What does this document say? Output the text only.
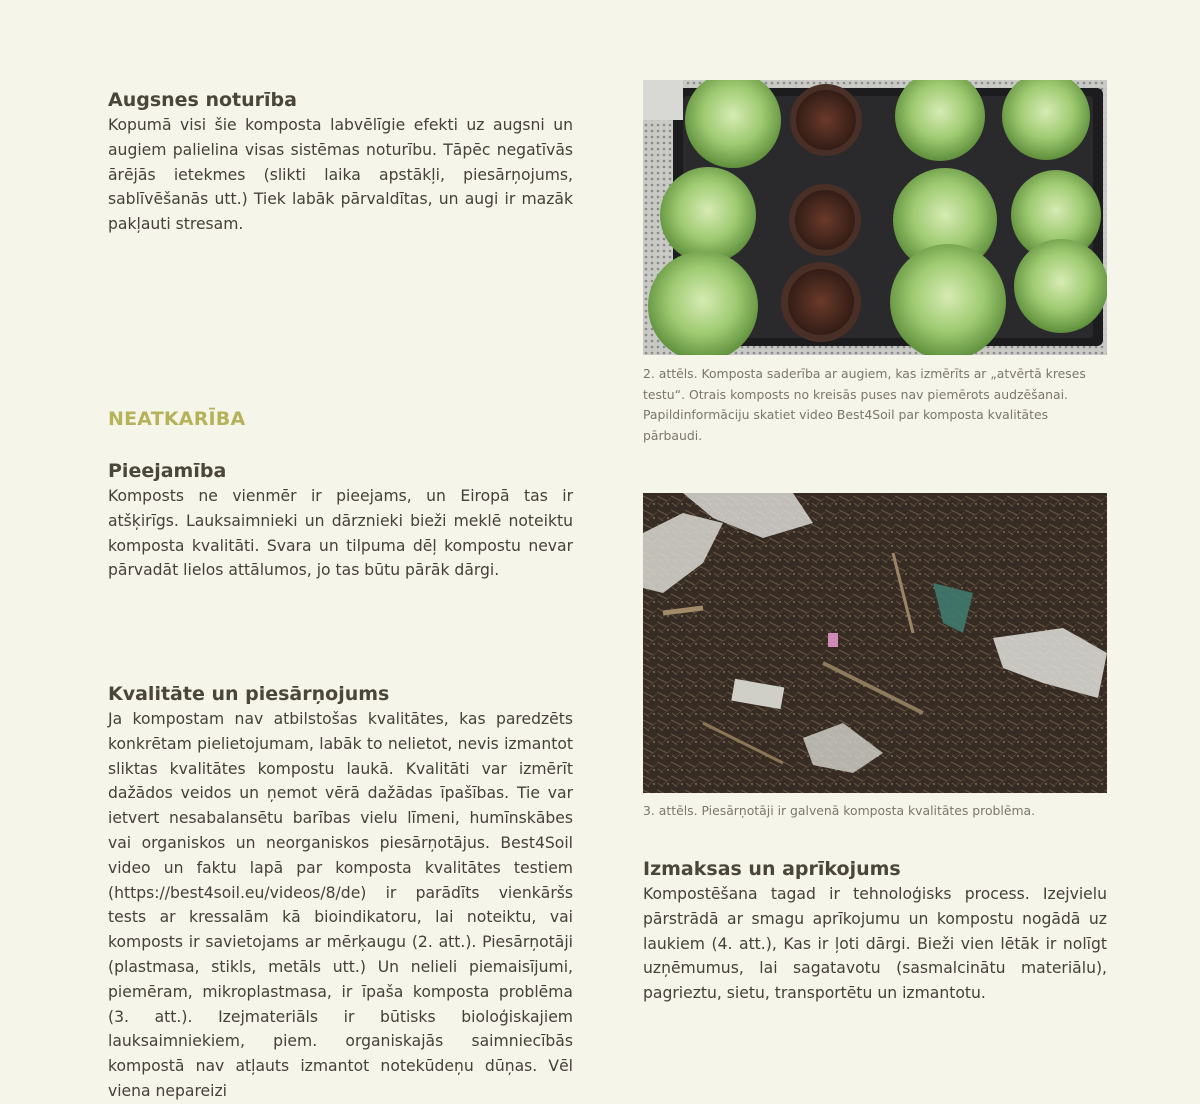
Augsnes noturība

Kopumā visi šie komposta labvēlīgie efekti uz augsni un augiem palielina visas sistēmas noturību. Tāpēc negatīvās ārējās ietekmes (slikti laika apstākļi, piesārņojums, sablīvēšanās utt.) Tiek labāk pārvaldītas, un augi ir mazāk pakļauti stresam.

NEATKARĪBA
Pieejamība

Komposts ne vienmēr ir pieejams, un Eiropā tas ir atšķirīgs. Lauksaimnieki un dārznieki bieži meklē noteiktu komposta kvalitāti. Svara un tilpuma dēļ kompostu nevar pārvadāt lielos attālumos, jo tas būtu pārāk dārgi.

Kvalitāte un piesārņojums

Ja kompostam nav atbilstošas kvalitātes, kas paredzēts konkrētam pielietojumam, labāk to nelietot, nevis izmantot sliktas kvalitātes kompostu laukā. Kvalitāti var izmērīt dažādos veidos un ņemot vērā dažādas īpašības. Tie var ietvert nesabalansētu barības vielu līmeni, humīnskābes vai organiskos un neorganiskos piesārņotājus. Best4Soil video un faktu lapā par komposta kvalitātes testiem (https://best4soil.eu/videos/8/de) ir parādīts vienkāršs tests ar kressalām kā bioindikatoru, lai noteiktu, vai komposts ir savietojams ar mērķaugu (2. att.). Piesārņotāji (plastmasa, stikls, metāls utt.) Un nelieli piemaisījumi, piemēram, mikroplastmasa, ir īpaša komposta problēma (3. att.). Izejmateriāls ir būtisks bioloģiskajiem lauksaimniekiem, piem. organiskajās saimniecībās kompostā nav atļauts izmantot notekūdeņu dūņas. Vēl viena nepareizi

2. attēls. Komposta saderība ar augiem, kas izmērīts ar „atvērtā kreses testu“. Otrais komposts no kreisās puses nav piemērots audzēšanai. Papildinformāciju skatiet video Best4Soil par komposta kvalitātes pārbaudi.

3. attēls. Piesārņotāji ir galvenā komposta kvalitātes problēma.

Izmaksas un aprīkojums

Kompostēšana tagad ir tehnoloģisks process. Izejvielu pārstrādā ar smagu aprīkojumu un kompostu nogādā uz laukiem (4. att.), Kas ir ļoti dārgi. Bieži vien lētāk ir nolīgt uzņēmumus, lai sagatavotu (sasmalcinātu materiālu), pagrieztu, sietu, transportētu un izmantotu.
